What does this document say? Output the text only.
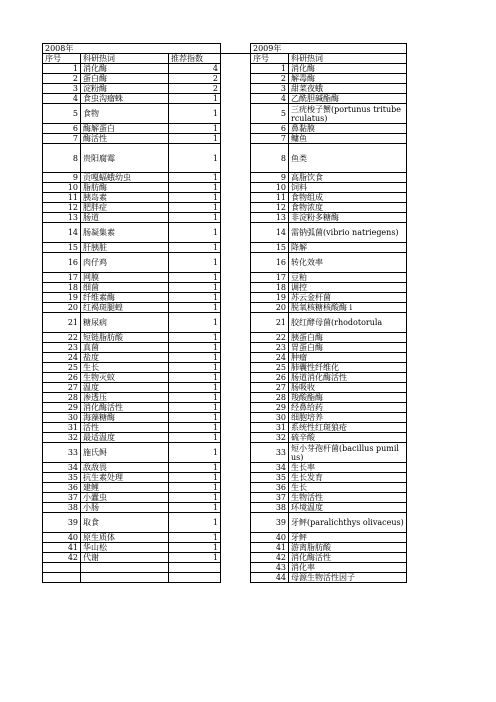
2008年				2009年	
序号	科研热词	推荐指数		序号	科研热词
1	消化酶	4		1	消化酶
2	蛋白酶	2		2	解毒酶
3	淀粉酶	2		3	甜菜夜蛾
4	食虫沟瘤蛛	1		4	乙酰胆碱酯酶
5	食物	1		5	三疣梭子蟹(portunus trituberculatus)
6	酶解蛋白	1		6	鼻黏膜
7	酶活性	1		7	鳙鱼
8	贵阳腐霉	1		8	鱼类
9	贡嘎蝠蛾幼虫	1		9	高脂饮食
10	脂肪酶	1		10	饲料
11	胰岛素	1		11	食物组成
12	肥胖症	1		12	食物浓度
13	肠道	1		13	非淀粉多糖酶
14	肠凝集素	1		14	需钠弧菌(vibrio natriegens)
15	肝胰脏	1		15	降解
16	肉仔鸡	1		16	转化效率
17	网膜	1		17	豆粕
18	细菌	1		18	调控
19	纤维素酶	1		19	苏云金杆菌
20	红褐斑腿蝗	1		20	脱氧核糖核酸酶 i
21	糖尿病	1		21	胶红酵母菌(rhodotorula
22	短链脂肪酸	1		22	胰蛋白酶
23	真菌	1		23	胃蛋白酶
24	盐度	1		24	肿瘤
25	生长	1		25	肺囊性纤维化
26	生物灭蚊	1		26	肠道消化酶活性
27	温度	1		27	肠吸收
28	渗透压	1		28	羧酸酯酶
29	消化酶活性	1		29	经鼻给药
30	海藻糖酶	1		30	细胞培养
31	活性	1		31	系统性红斑狼疮
32	最适温度	1		32	硫辛酸
33	施氏鲟	1		33	短小芽孢杆菌(bacillus pumilus)
34	敌敌畏	1		34	生长率
35	抗生素处理	1		35	生长发育
36	建鲤	1		36	生长
37	小蠹虫	1		37	生物活性
38	小肠	1		38	环境温度
39	取食	1		39	牙鲆(paralichthys olivaceus)
40	原生质体	1		40	牙鲆
41	华山松	1		41	游离脂肪酸
42	代谢	1		42	消化酶活性
				43	消化率
				44	母源生物活性因子
